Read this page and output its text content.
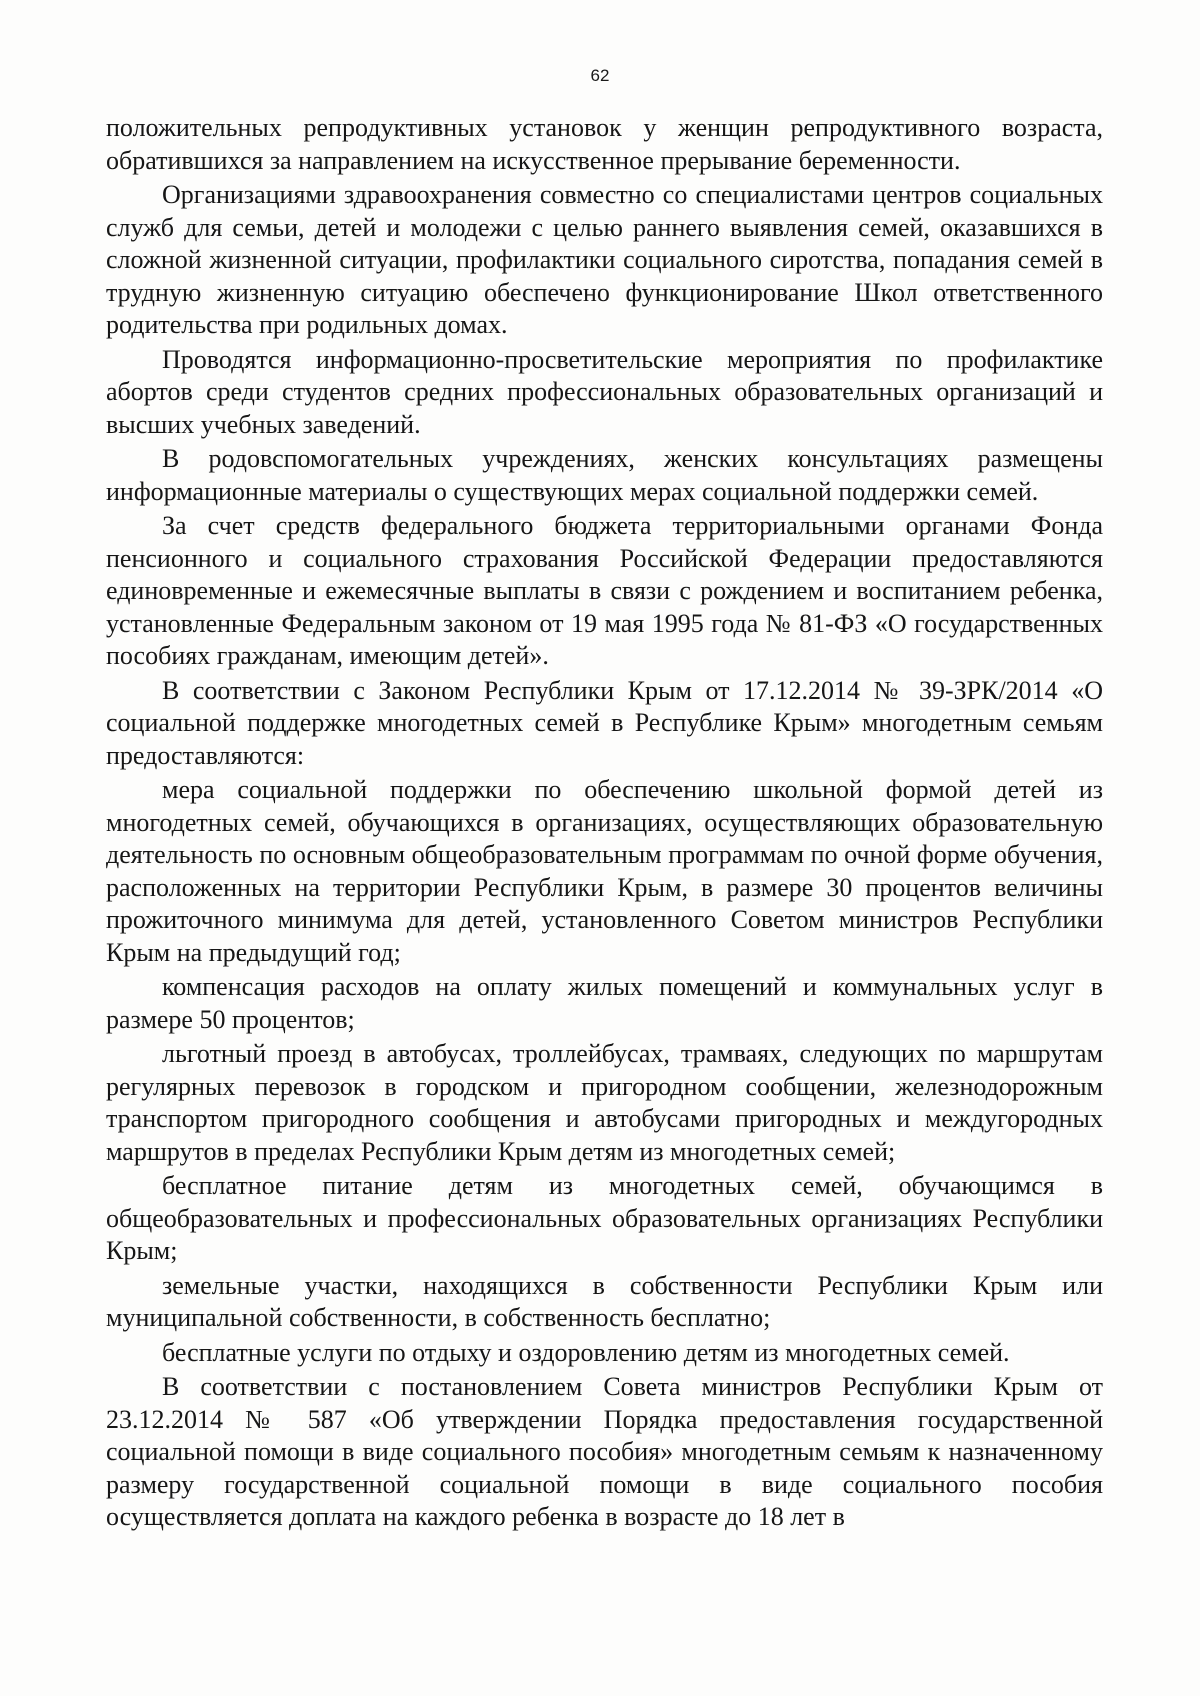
62

положительных репродуктивных установок у женщин репродуктивного возраста, обратившихся за направлением на искусственное прерывание беременности.

Организациями здравоохранения совместно со специалистами центров социальных служб для семьи, детей и молодежи с целью раннего выявления семей, оказавшихся в сложной жизненной ситуации, профилактики социального сиротства, попадания семей в трудную жизненную ситуацию обеспечено функционирование Школ ответственного родительства при родильных домах.

Проводятся информационно-просветительские мероприятия по профилактике абортов среди студентов средних профессиональных образовательных организаций и высших учебных заведений.

В родовспомогательных учреждениях, женских консультациях размещены информационные материалы о существующих мерах социальной поддержки семей.

За счет средств федерального бюджета территориальными органами Фонда пенсионного и социального страхования Российской Федерации предоставляются единовременные и ежемесячные выплаты в связи с рождением и воспитанием ребенка, установленные Федеральным законом от 19 мая 1995 года № 81-ФЗ «О государственных пособиях гражданам, имеющим детей».

В соответствии с Законом Республики Крым от 17.12.2014 № 39-ЗРК/2014 «О социальной поддержке многодетных семей в Республике Крым» многодетным семьям предоставляются:

мера социальной поддержки по обеспечению школьной формой детей из многодетных семей, обучающихся в организациях, осуществляющих образовательную деятельность по основным общеобразовательным программам по очной форме обучения, расположенных на территории Республики Крым, в размере 30 процентов величины прожиточного минимума для детей, установленного Советом министров Республики Крым на предыдущий год;

компенсация расходов на оплату жилых помещений и коммунальных услуг в размере 50 процентов;

льготный проезд в автобусах, троллейбусах, трамваях, следующих по маршрутам регулярных перевозок в городском и пригородном сообщении, железнодорожным транспортом пригородного сообщения и автобусами пригородных и междугородных маршрутов в пределах Республики Крым детям из многодетных семей;

бесплатное питание детям из многодетных семей, обучающимся в общеобразовательных и профессиональных образовательных организациях Республики Крым;

земельные участки, находящихся в собственности Республики Крым или муниципальной собственности, в собственность бесплатно;

бесплатные услуги по отдыху и оздоровлению детям из многодетных семей.

В соответствии с постановлением Совета министров Республики Крым от 23.12.2014 № 587 «Об утверждении Порядка предоставления государственной социальной помощи в виде социального пособия» многодетным семьям к назначенному размеру государственной социальной помощи в виде социального пособия осуществляется доплата на каждого ребенка в возрасте до 18 лет в
